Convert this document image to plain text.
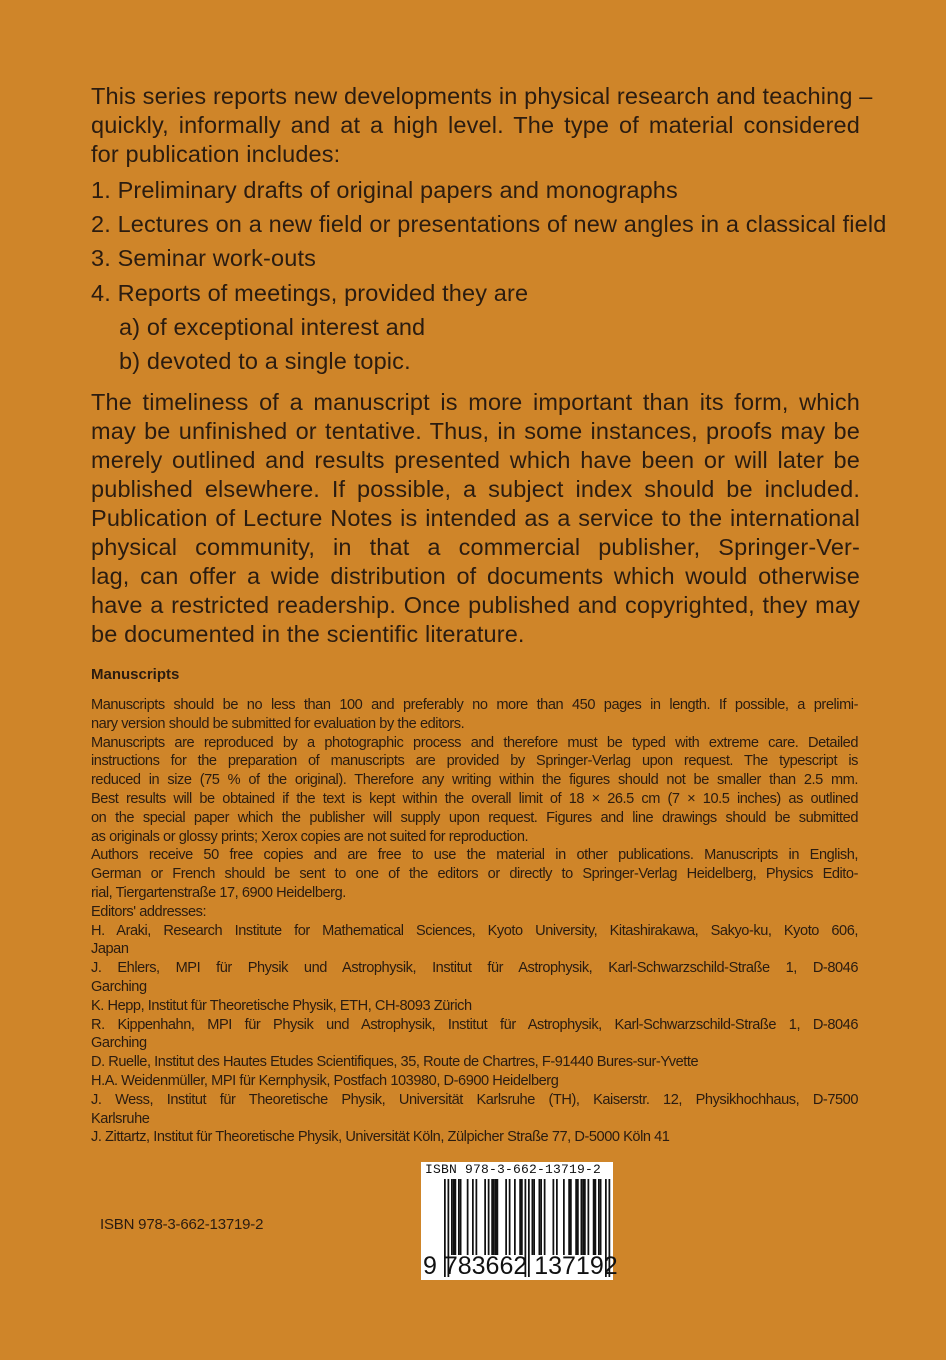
This series reports new developments in physical research and teaching –
quickly, informally and at a high level. The type of material considered
for publication includes:
1. Preliminary drafts of original papers and monographs
2. Lectures on a new field or presentations of new angles in a classical field
3. Seminar work-outs
4. Reports of meetings, provided they are
a) of exceptional interest and
b) devoted to a single topic.
The timeliness of a manuscript is more important than its form, which
may be unfinished or tentative. Thus, in some instances, proofs may be
merely outlined and results presented which have been or will later be
published elsewhere. If possible, a subject index should be included.
Publication of Lecture Notes is intended as a service to the international
physical community, in that a commercial publisher, Springer-Ver-
lag, can offer a wide distribution of documents which would otherwise
have a restricted readership. Once published and copyrighted, they may
be documented in the scientific literature.
Manuscripts
Manuscripts should be no less than 100 and preferably no more than 450 pages in length. If possible, a prelimi-
nary version should be submitted for evaluation by the editors.
Manuscripts are reproduced by a photographic process and therefore must be typed with extreme care. Detailed
instructions for the preparation of manuscripts are provided by Springer-Verlag upon request. The typescript is
reduced in size (75 % of the original). Therefore any writing within the figures should not be smaller than 2.5 mm.
Best results will be obtained if the text is kept within the overall limit of 18 × 26.5 cm (7 × 10.5 inches) as outlined
on the special paper which the publisher will supply upon request. Figures and line drawings should be submitted
as originals or glossy prints; Xerox copies are not suited for reproduction.
Authors receive 50 free copies and are free to use the material in other publications. Manuscripts in English,
German or French should be sent to one of the editors or directly to Springer-Verlag Heidelberg, Physics Edito-
rial, Tiergartenstraße 17, 6900 Heidelberg.
Editors' addresses:
H. Araki, Research Institute for Mathematical Sciences, Kyoto University, Kitashirakawa, Sakyo-ku, Kyoto 606,
Japan
J. Ehlers, MPI für Physik und Astrophysik, Institut für Astrophysik, Karl-Schwarzschild-Straße 1, D-8046
Garching
K. Hepp, Institut für Theoretische Physik, ETH, CH-8093 Zürich
R. Kippenhahn, MPI für Physik und Astrophysik, Institut für Astrophysik, Karl-Schwarzschild-Straße 1, D-8046
Garching
D. Ruelle, Institut des Hautes Etudes Scientifiques, 35, Route de Chartres, F-91440 Bures-sur-Yvette
H.A. Weidenmüller, MPI für Kernphysik, Postfach 103980, D-6900 Heidelberg
J. Wess, Institut für Theoretische Physik, Universität Karlsruhe (TH), Kaiserstr. 12, Physikhochhaus, D-7500
Karlsruhe
J. Zittartz, Institut für Theoretische Physik, Universität Köln, Zülpicher Straße 77, D-5000 Köln 41
ISBN 978-3-662-13719-2
ISBN 978-3-662-13719-2
9 783662 137192
